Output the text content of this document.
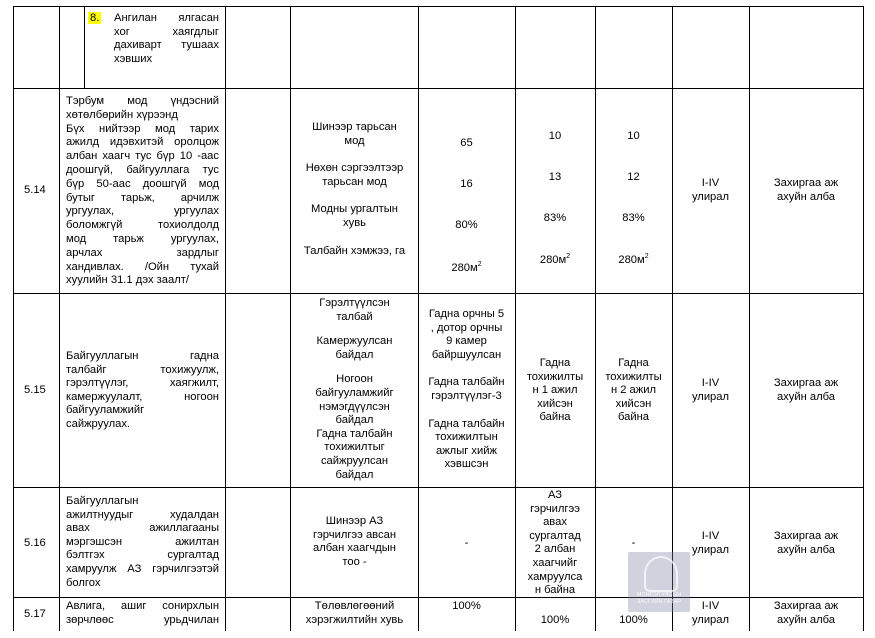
8.	Ангилан ялгасан
хог хаягдлыг
дахиварт тушаах
хэвших
5.14
Тэрбум мод үндэсний
хөтөлбөрийн хүрээнд
Бүх нийтээр мод тарих
ажилд идэвхитэй оролцож
албан хаагч тус бүр 10 -аас
доошгүй, байгууллага тус
бүр 50-аас доошгүй мод
бутыг тарьж, арчилж
ургуулах, ургуулах
боломжгүй тохиолдолд
мод тарьж ургуулах,
арчлах зардлыг
хандивлах. /Ойн тухай
хуулийн 31.1 дэх заалт/
Шинээр тарьсан
мод
Нөхөн сэргээлтээр
тарьсан мод
Модны ургалтын
хувь
Талбайн хэмжээ, га
65
16
80%
$280м^2$
10
13
83%
$280м^2$
10
12
83%
$280м^2$
I-IV
улирал
Захиргаа аж
ахуйн алба
5.15
Байгууллагын гадна
талбайг тохижуулж,
гэрэлтүүлэг, хаягжилт,
камержуулалт, ногоон
байгууламжийг
сайжруулах.
Гэрэлтүүлсэн
талбай
Камержуулсан
байдал
Ногоон
байгууламжийг
нэмэгдүүлсэн
байдал
Гадна талбайн
тохижилтыг
сайжруулсан
байдал
Гадна орчны 5
, дотор орчны
9 камер
байршуулсан
Гадна талбайн
гэрэлтүүлэг-3
Гадна талбайн
тохижилтын
ажлыг хийж
хэвшсэн
Гадна
тохижилты
н 1 ажил
хийсэн
байна
Гадна
тохижилты
н 2 ажил
хийсэн
байна
I-IV
улирал
Захиргаа аж
ахуйн алба
5.16
Байгууллагын
ажилтнуудыг худалдан
авах ажиллагааны
мэргэшсэн ажилтан
бэлтгэх сургалтад
хамруулж АЗ гэрчилгээтэй
болгох
Шинээр АЗ
гэрчилгээ авсан
албан хаагчдын
тоо -
-
АЗ
гэрчилгээ
авах
сургалтад
2 албан
хаагчийг
хамруулса
н байна
-
I-IV
улирал
Захиргаа аж
ахуйн алба
5.17
Авлига, ашиг сонирхлын
зөрчлөөс урьдчилан
Төлөвлөгөөний
хэрэгжилтийн хувь
100%
100%	100%
I-IV
улирал
Захиргаа аж
ахуйн алба
МОНГОЛ УЛСЫН
ЗАСГИЙН ГАЗАР
